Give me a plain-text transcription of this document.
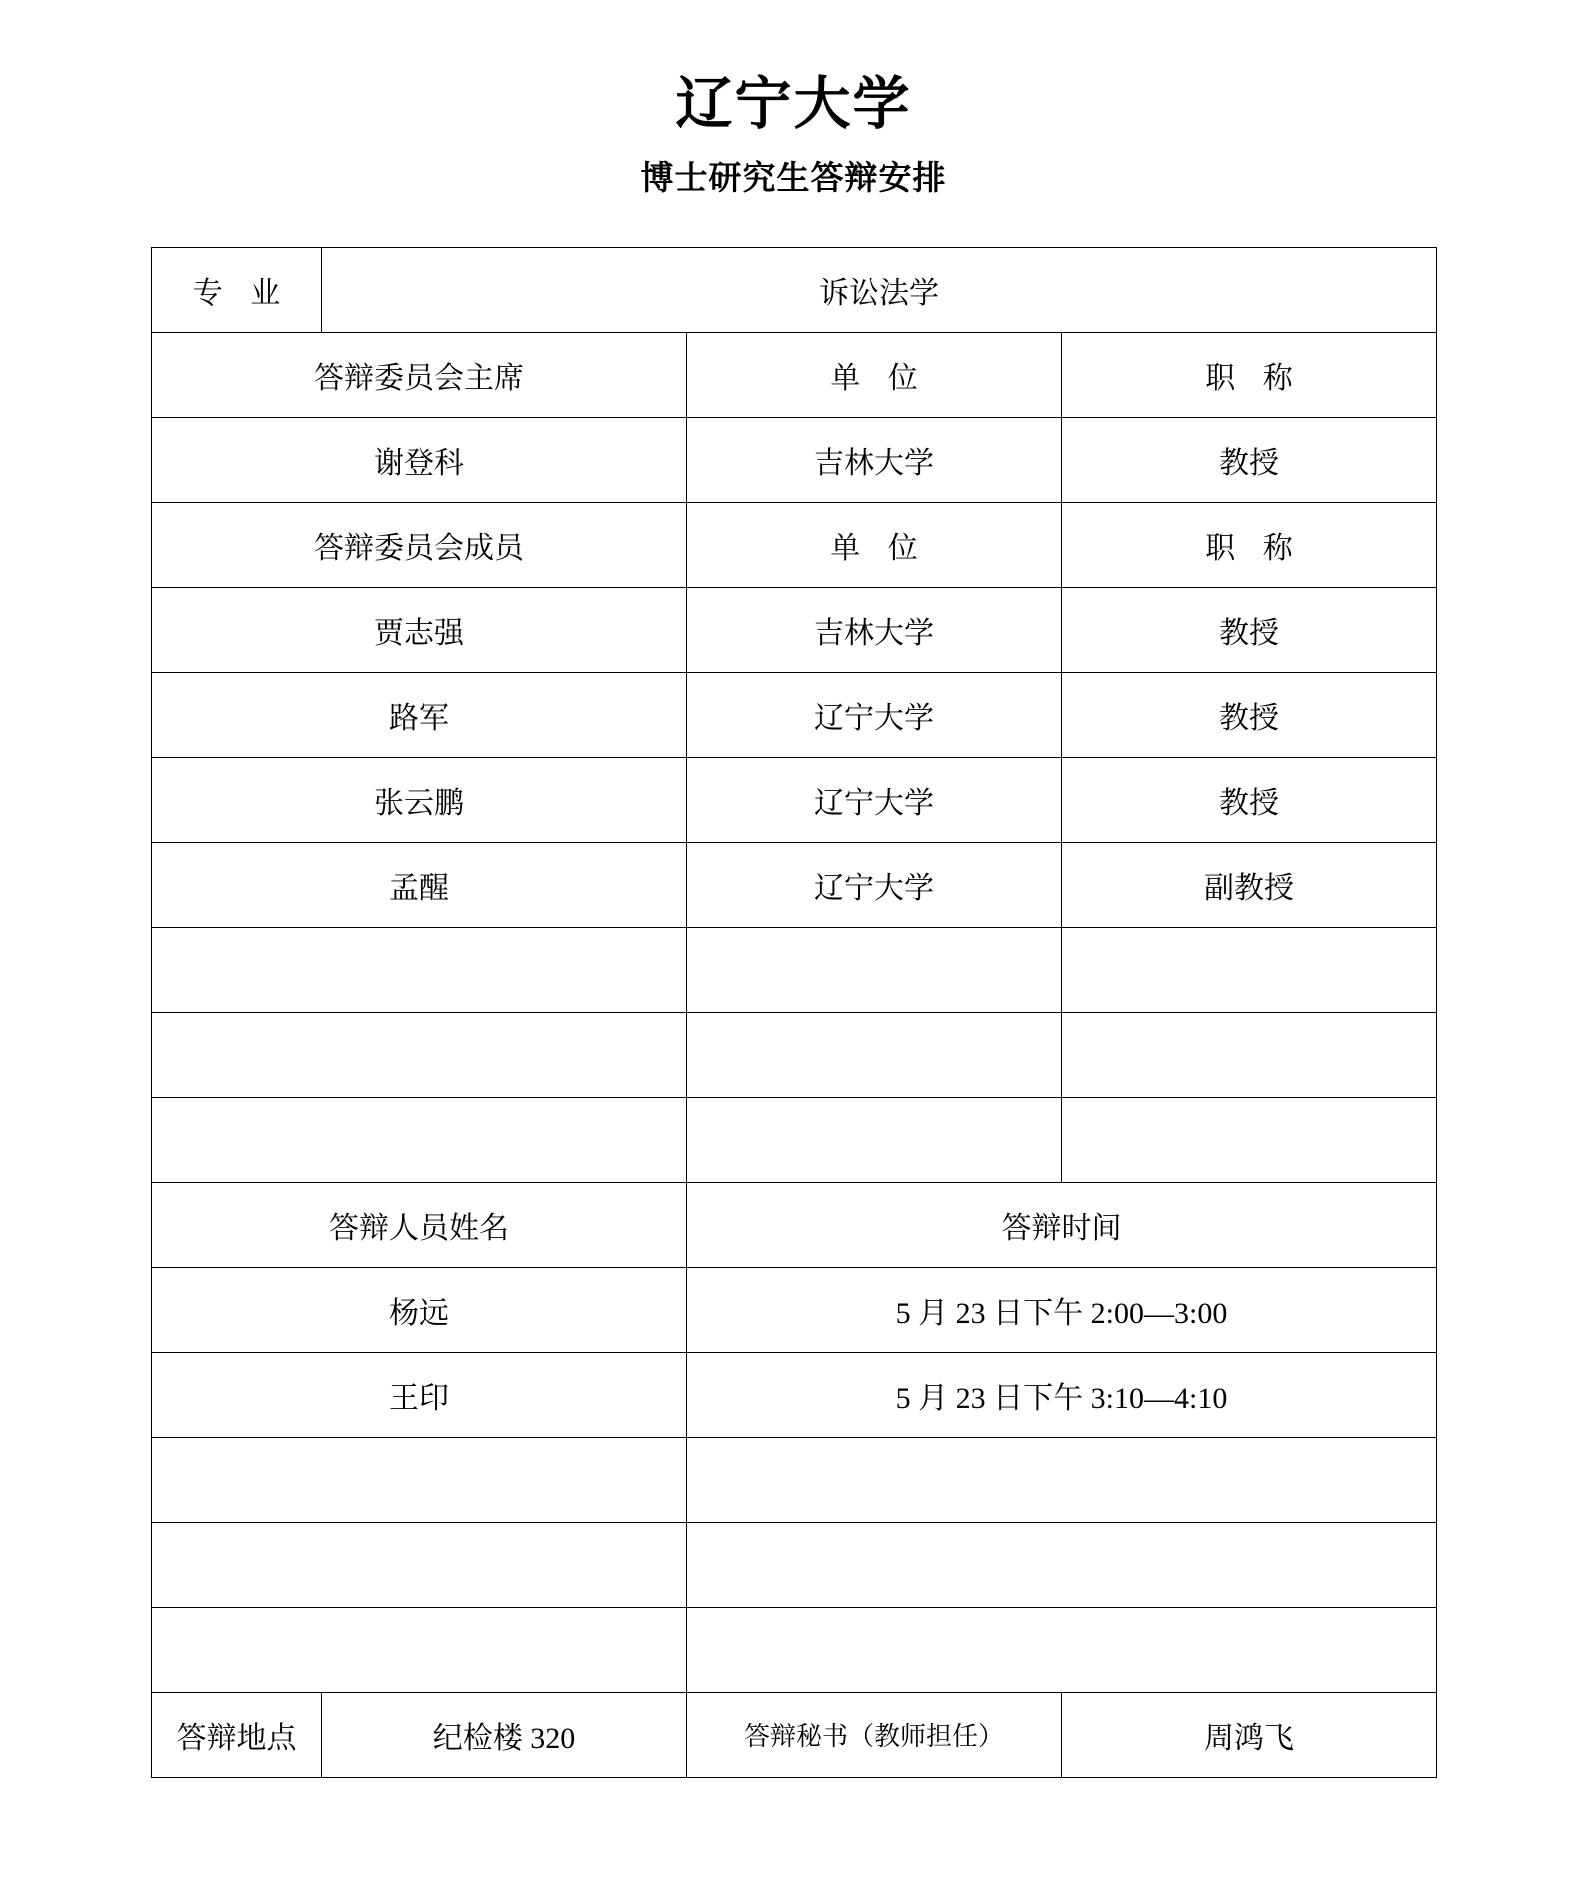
辽宁大学
博士研究生答辩安排
专 业	诉讼法学		
答辩委员会主席		单 位	职 称
谢登科		吉林大学	教授
答辩委员会成员		单 位	职 称
贾志强		吉林大学	教授
路军		辽宁大学	教授
张云鹏		辽宁大学	教授
孟醒		辽宁大学	副教授

答辩人员姓名		答辩时间	
杨远		5 月 23 日下午 2:00—3:00	
王印		5 月 23 日下午 3:10—4:10	

答辩地点	纪检楼 320	答辩秘书（教师担任）	周鸿飞
